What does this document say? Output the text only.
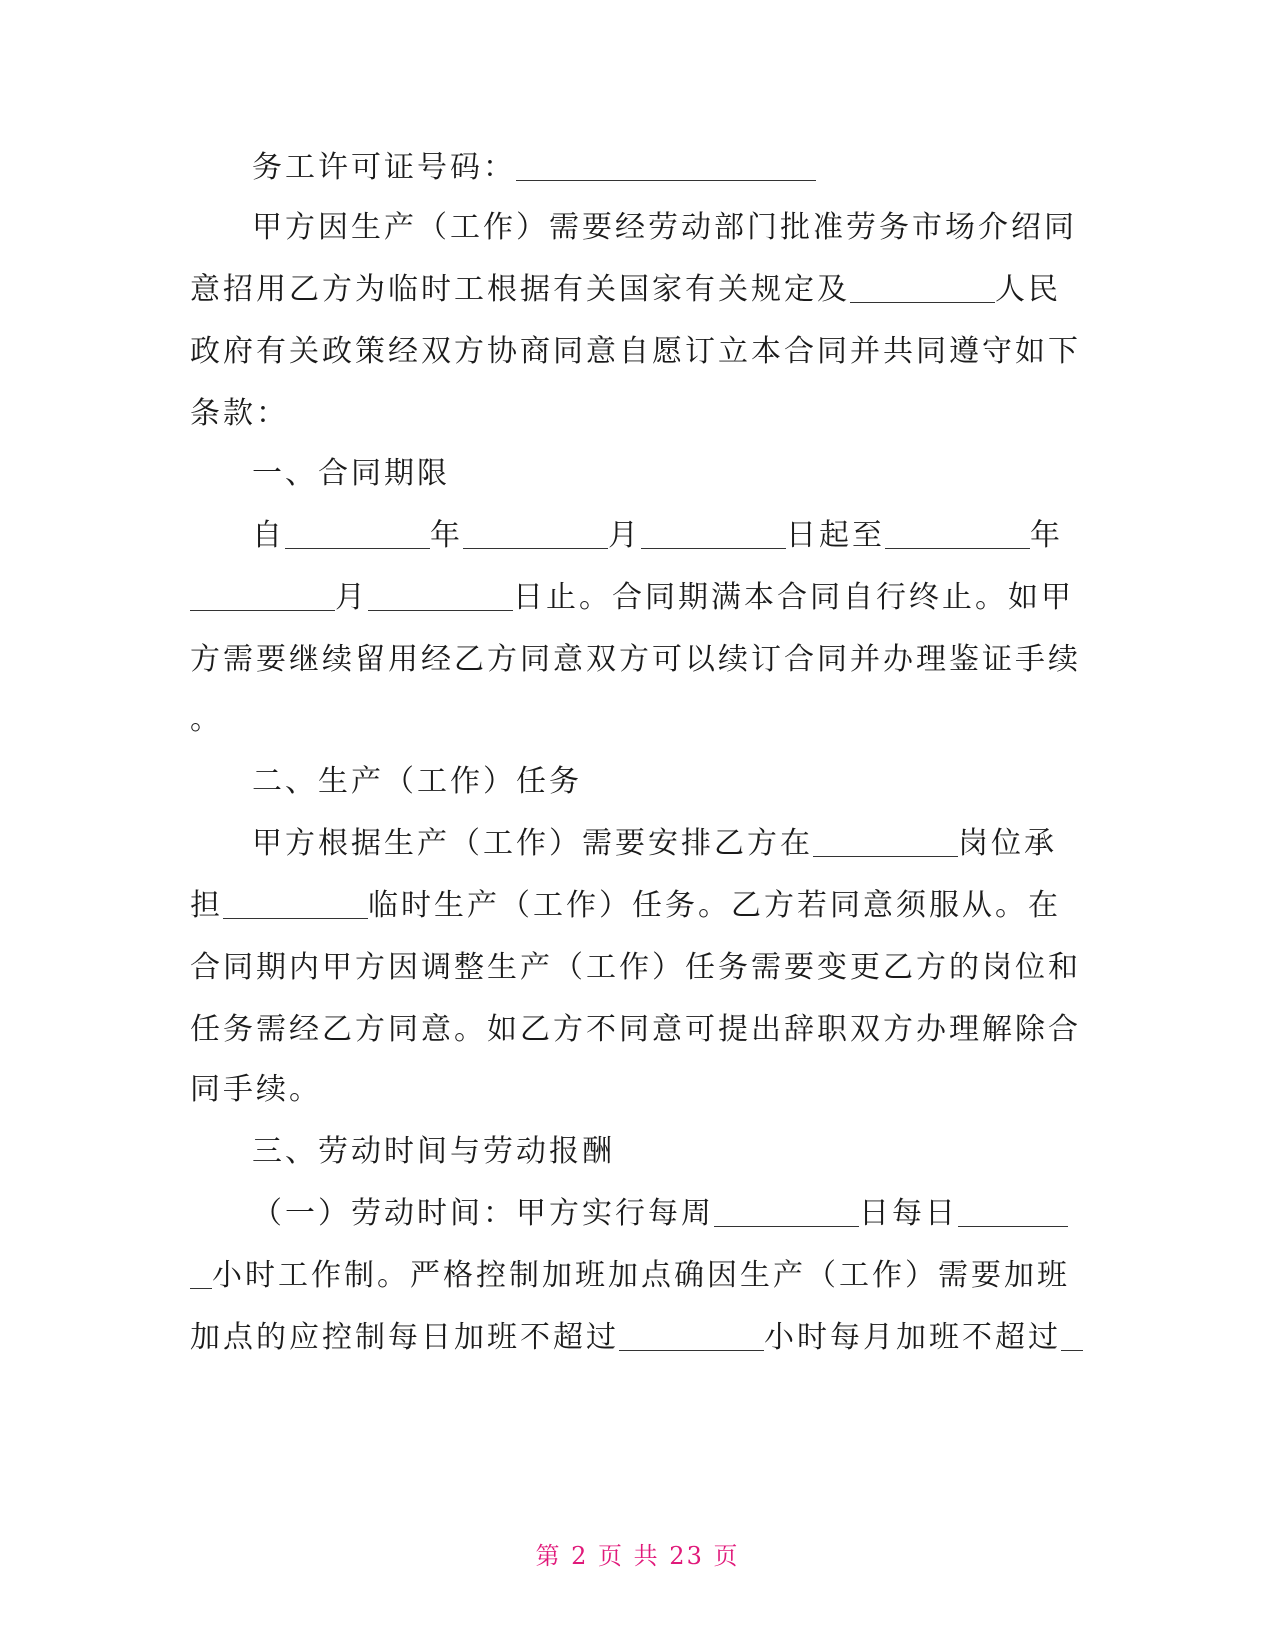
务工许可证号码：
甲方因生产（工作）需要经劳动部门批准劳务市场介绍同
意招用乙方为临时工根据有关国家有关规定及	人民
政府有关政策经双方协商同意自愿订立本合同并共同遵守如下
条款：
一、合同期限
自	年	月	日起至	年
月	日止。合同期满本合同自行终止。如甲
方需要继续留用经乙方同意双方可以续订合同并办理鉴证手续
。
二、生产（工作）任务
甲方根据生产（工作）需要安排乙方在	岗位承
担	临时生产（工作）任务。乙方若同意须服从。在
合同期内甲方因调整生产（工作）任务需要变更乙方的岗位和
任务需经乙方同意。如乙方不同意可提出辞职双方办理解除合
同手续。
三、劳动时间与劳动报酬
（一）劳动时间：甲方实行每周	日每日
小时工作制。严格控制加班加点确因生产（工作）需要加班
加点的应控制每日加班不超过	小时每月加班不超过
第 2 页 共 23 页
